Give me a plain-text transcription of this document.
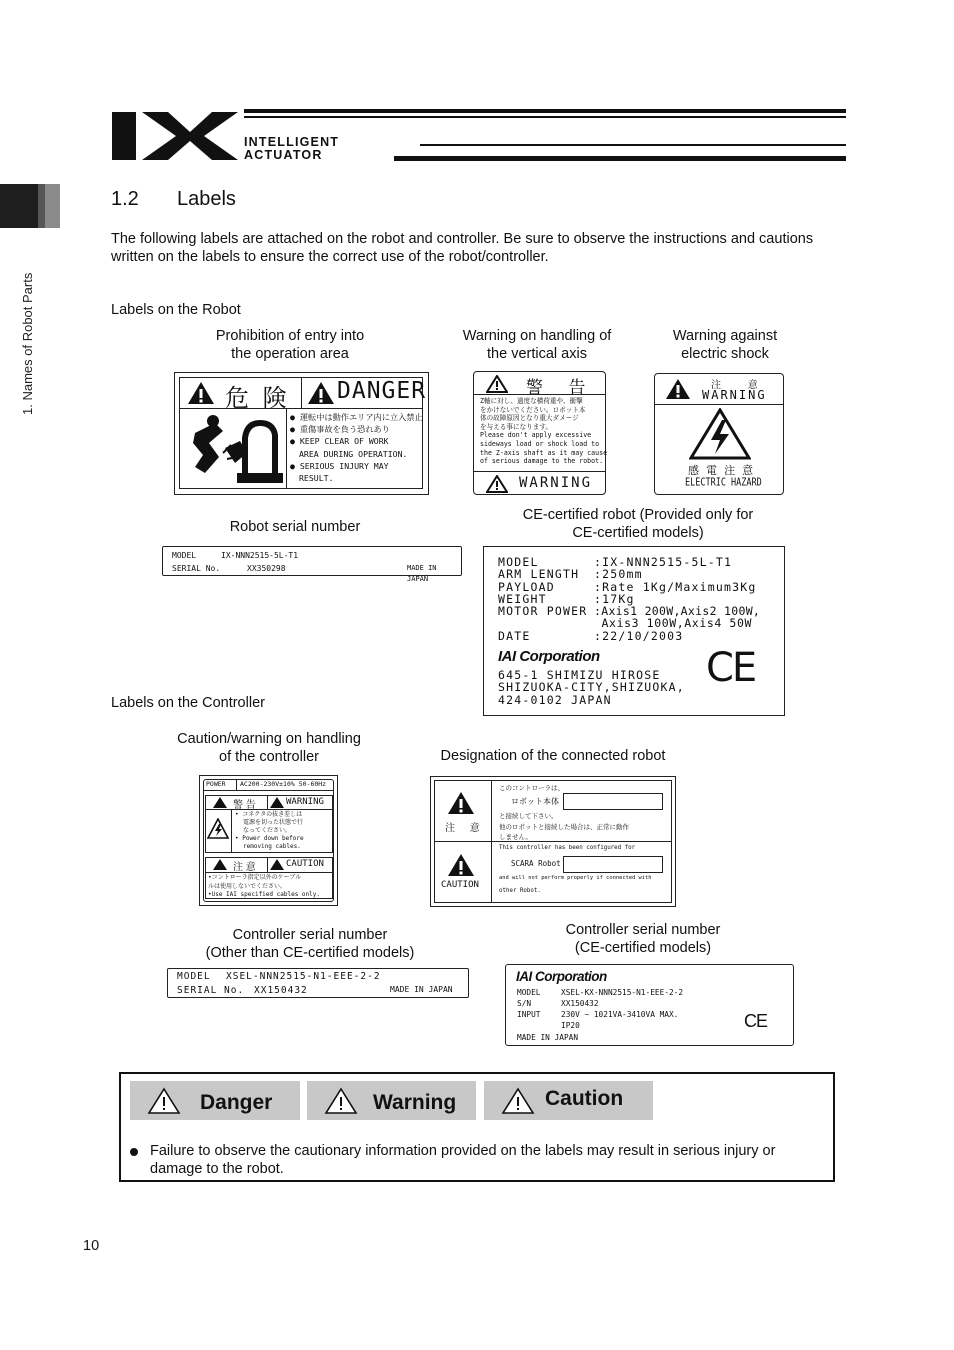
INTELLIGENT
ACTUATOR
1. Names of Robot Parts
1.2 Labels
The following labels are attached on the robot and controller. Be sure to observe the instructions and cautions written on the labels to ensure the correct use of the robot/controller.
Labels on the Robot
Prohibition of entry into
the operation area
Warning on handling of
the vertical axis
Warning against
electric shock
危 険 DANGER
● 運転中は動作エリア内に立入禁止
● 重傷事故を負う恐れあり
● KEEP CLEAR OF WORK
AREA DURING OPERATION.
● SERIOUS INJURY MAY
RESULT.
警 告
Z軸に対し、過度な横荷重や、衝撃
をかけないでください。ロボット本
体の故障原因となり重大ダメージ
を与える事になります。
Please don't apply excessive
sideways load or shock load to
the Z-axis shaft as it may cause
of serious damage to the robot.
WARNING
注 意
WARNING
感 電 注 意
ELECTRIC HAZARD
Robot serial number
CE-certified robot (Provided only for
CE-certified models)
MODEL	IX-NNN2515-5L-T1
SERIAL No.	XX350298	MADE IN JAPAN
MODEL	:IX-NNN2515-5L-T1
ARM LENGTH :250mm
PAYLOAD	:Rate 1Kg/Maximum3Kg
WEIGHT	:17Kg
MOTOR POWER :Axis1 200W,Axis2 100W,
Axis3 100W,Axis4 50W
DATE	:22/10/2003
IAI Corporation
645-1 SHIMIZU HIROSE
SHIZUOKA-CITY,SHIZUOKA,
424-0102 JAPAN
CE
Labels on the Controller
Caution/warning on handling
of the controller	Designation of the connected robot
POWER AC200-230V±10% 50-60Hz
警 告	WARNING
• コネクタの抜き差しは
電源を切った状態で行
なってください。
• Power down before
removing cables.
注 意	CAUTION
•コントローラ指定以外のケーブル
ルは使用しないでください。
•Use IAI specified cables only.
注 意
このコントローラは、
ロボット本体
と接続して下さい。
他のロボットと接続した場合は、正常に動作
しません。
CAUTION
This controller has been configured for
SCARA Robot
and will not perform properly if connected with
other Robot.
Controller serial number
(Other than CE-certified models)
Controller serial number
(CE-certified models)
MODEL XSEL-NNN2515-N1-EEE-2-2
SERIAL No. XX150432	MADE IN JAPAN
IAI Corporation
MODEL	XSEL-KX-NNN2515-N1-EEE-2-2
S/N	XX150432
INPUT	230V ~ 1021VA-3410VA MAX.
IP20
MADE IN JAPAN
CE
Danger	Warning	Caution
Failure to observe the cautionary information provided on the labels may result in serious injury or damage to the robot.
10
